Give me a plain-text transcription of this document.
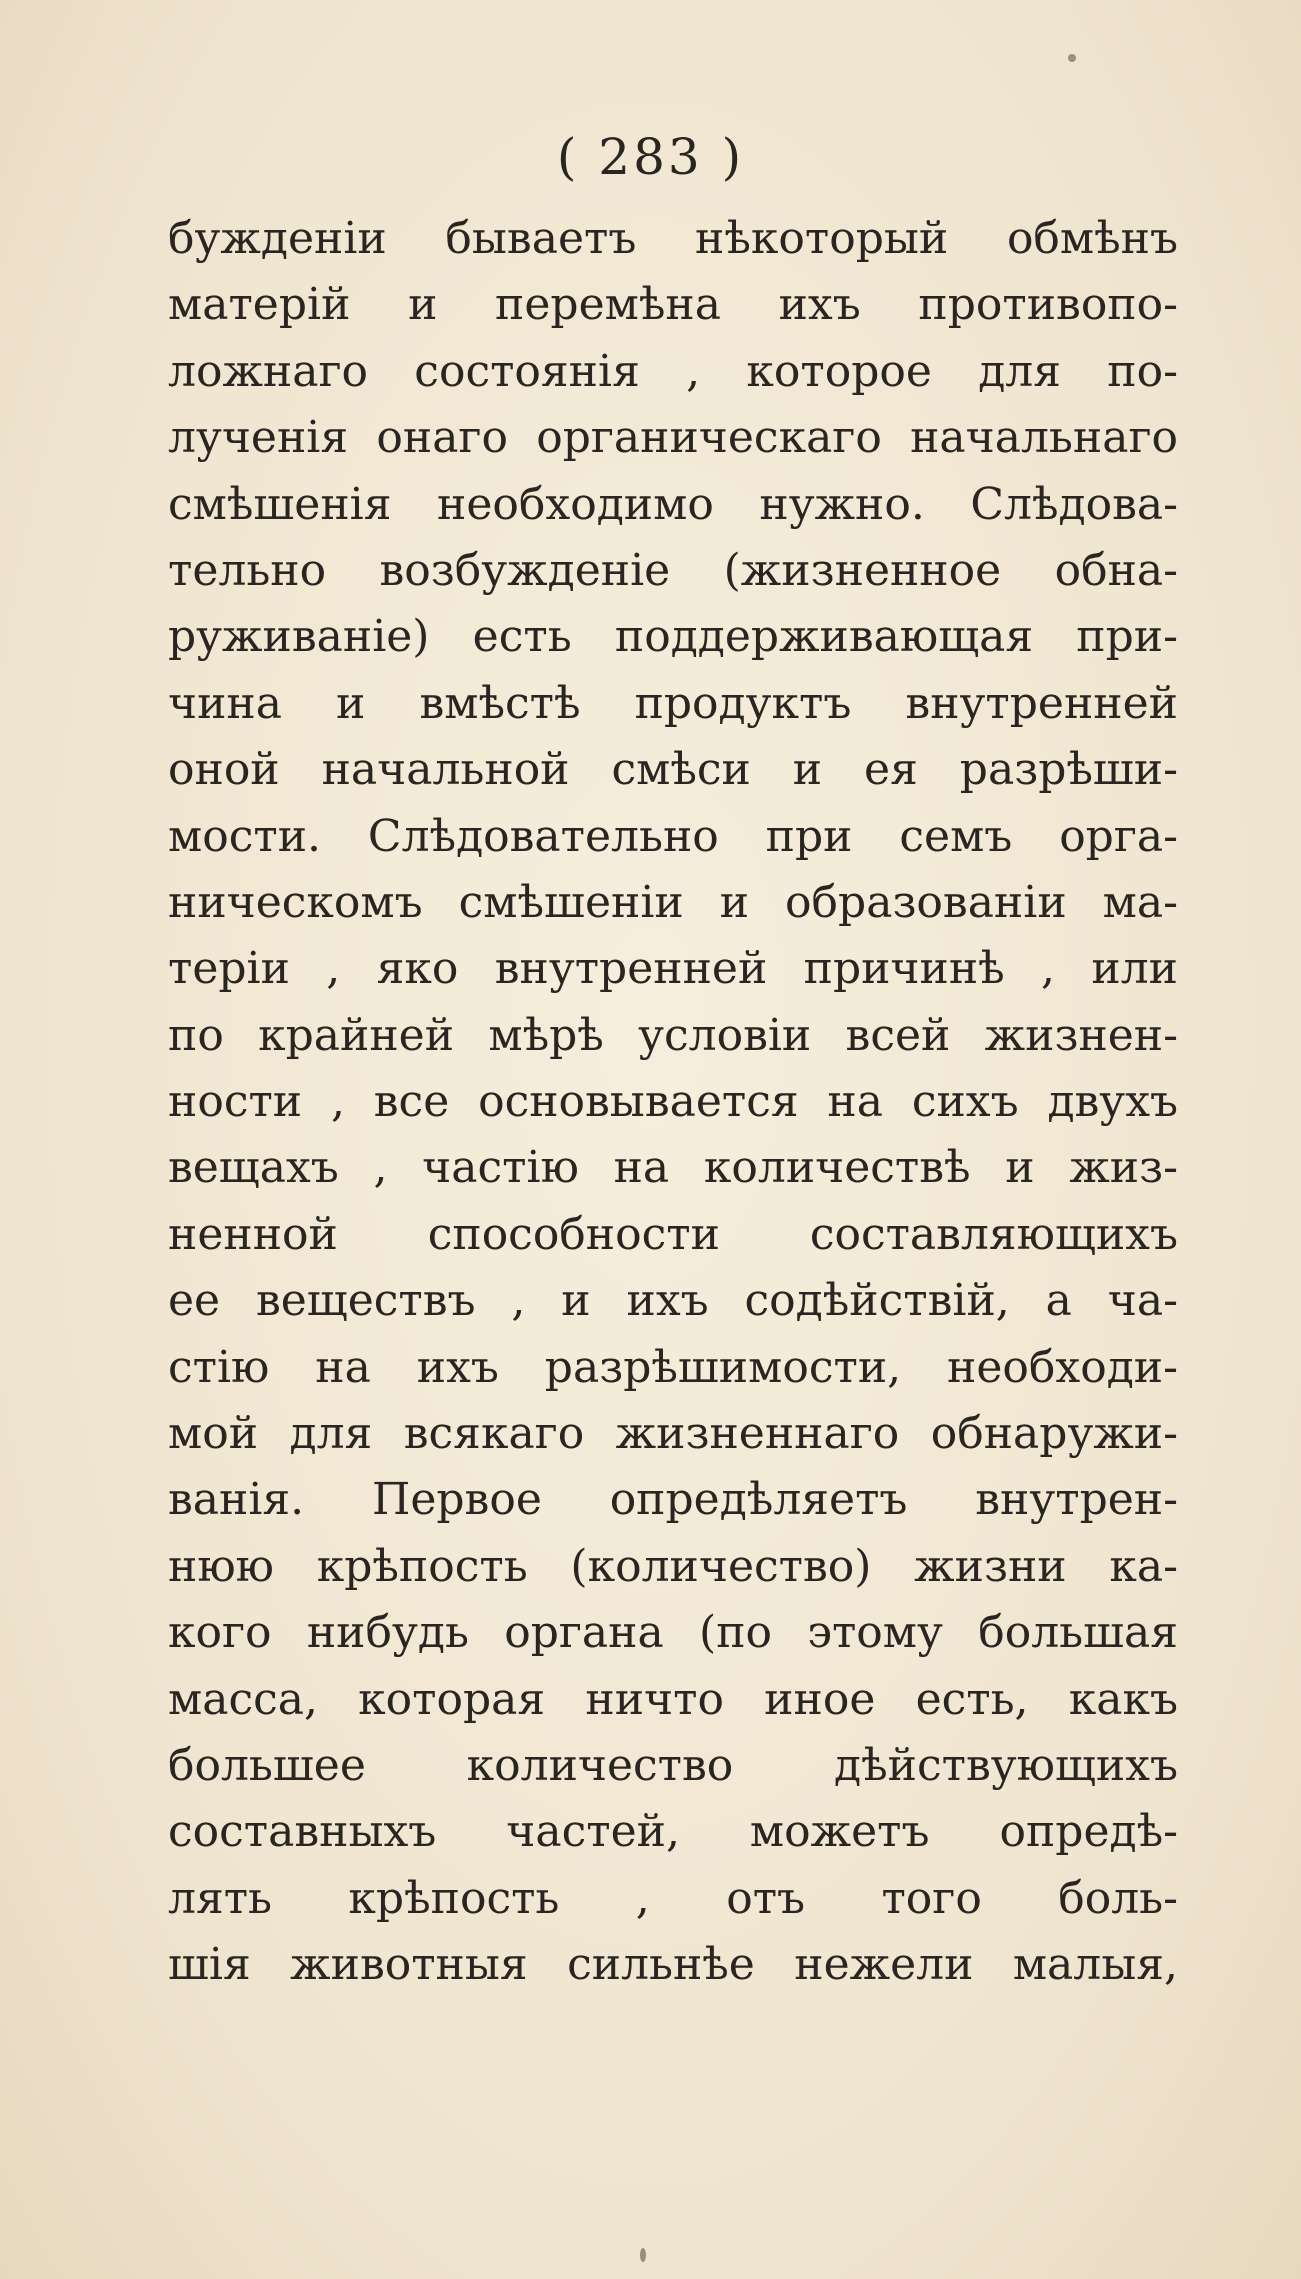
( 283 )
бужденіи бываетъ нѣкоторый обмѣнъ
матерій и перемѣна ихъ противопо-
ложнаго состоянія , которое для по-
лученія онаго органическаго начальнаго
смѣшенія необходимо нужно. Слѣдова-
тельно возбужденіе (жизненное обна-
руживаніе) есть поддерживающая при-
чина и вмѣстѣ продуктъ внутренней
оной начальной смѣси и ея разрѣши-
мости. Слѣдовательно при семъ орга-
ническомъ смѣшеніи и образованіи ма-
теріи , яко внутренней причинѣ , или
по крайней мѣрѣ условіи всей жизнен-
ности , все основывается на сихъ двухъ
вещахъ , частію на количествѣ и жиз-
ненной способности составляющихъ
ее веществъ , и ихъ содѣйствій, а ча-
стію на ихъ разрѣшимости, необходи-
мой для всякаго жизненнаго обнаружи-
ванія. Первое опредѣляетъ внутрен-
нюю крѣпость (количество) жизни ка-
кого нибудь органа (по этому большая
масса, которая ничто иное есть, какъ
большее количество дѣйствующихъ
составныхъ частей, можетъ опредѣ-
лять крѣпость , отъ того боль-
шія животныя сильнѣе нежели малыя,
